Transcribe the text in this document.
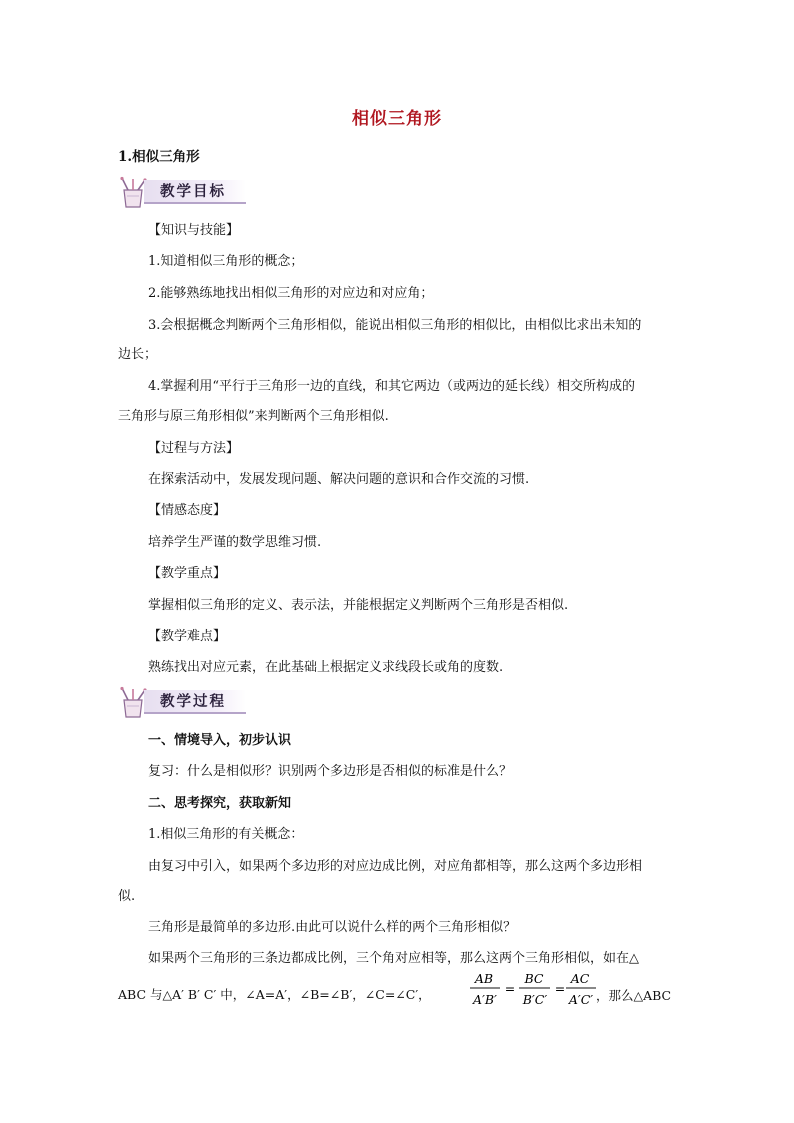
相似三角形
1.相似三角形
教学目标
【知识与技能】
1.知道相似三角形的概念；
2.能够熟练地找出相似三角形的对应边和对应角；
3.会根据概念判断两个三角形相似，能说出相似三角形的相似比，由相似比求出未知的
边长；
4.掌握利用“平行于三角形一边的直线，和其它两边（或两边的延长线）相交所构成的
三角形与原三角形相似”来判断两个三角形相似.
【过程与方法】
在探索活动中，发展发现问题、解决问题的意识和合作交流的习惯.
【情感态度】
培养学生严谨的数学思维习惯.
【教学重点】
掌握相似三角形的定义、表示法，并能根据定义判断两个三角形是否相似.
【教学难点】
熟练找出对应元素，在此基础上根据定义求线段长或角的度数.
教学过程
一、情境导入，初步认识
复习：什么是相似形？识别两个多边形是否相似的标准是什么？
二、思考探究，获取新知
1.相似三角形的有关概念：
由复习中引入，如果两个多边形的对应边成比例，对应角都相等，那么这两个多边形相
似.
三角形是最简单的多边形.由此可以说什么样的两个三角形相似？
如果两个三角形的三条边都成比例，三个角对应相等，那么这两个三角形相似，如在△
ABC 与△A′ B′ C′ 中，∠A=A′，∠B=∠B′，∠C=∠C′，
AB
A′B′
=
BC
B′C′
=
AC
A′C′ ，那么△ABC
